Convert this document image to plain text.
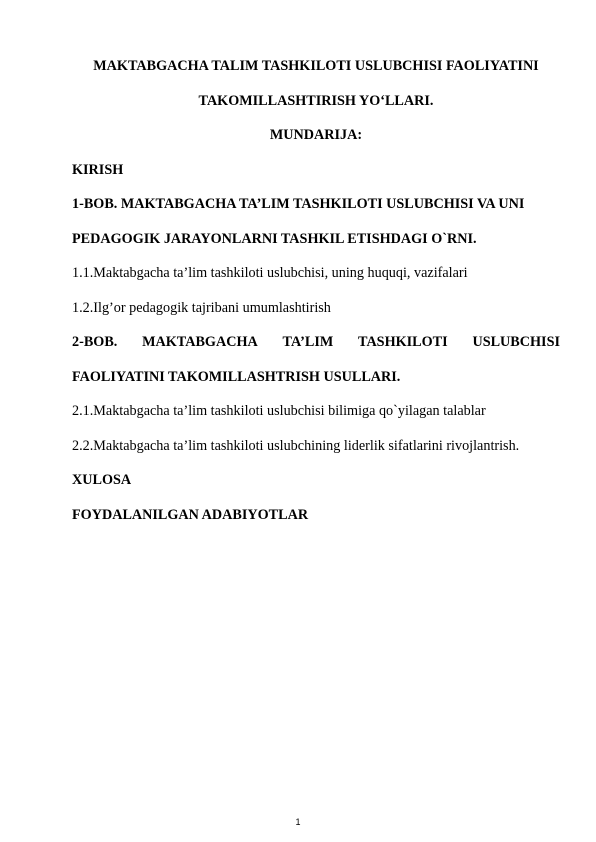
MAKTABGACHA TALIM TASHKILOTI USLUBCHISI FAOLIYATINI
TAKOMILLASHTIRISH YO‘LLARI.
MUNDARIJA:
KIRISH
1-BOB. MAKTABGACHA TA’LIM TASHKILOTI USLUBCHISI VA UNI
PEDAGOGIK JARAYONLARNI TASHKIL ETISHDAGI O`RNI.
1.1.Maktabgacha ta’lim tashkiloti uslubchisi, uning huquqi, vazifalari
1.2.Ilg’or pedagogik tajribani umumlashtirish
2-BOB. MAKTABGACHA TA’LIM TASHKILOTI USLUBCHISI
FAOLIYATINI TAKOMILLASHTRISH USULLARI.
2.1.Maktabgacha ta’lim tashkiloti uslubchisi bilimiga qo`yilagan talablar
2.2.Maktabgacha ta’lim tashkiloti uslubchining liderlik sifatlarini rivojlantrish.
XULOSA
FOYDALANILGAN ADABIYOTLAR
1
